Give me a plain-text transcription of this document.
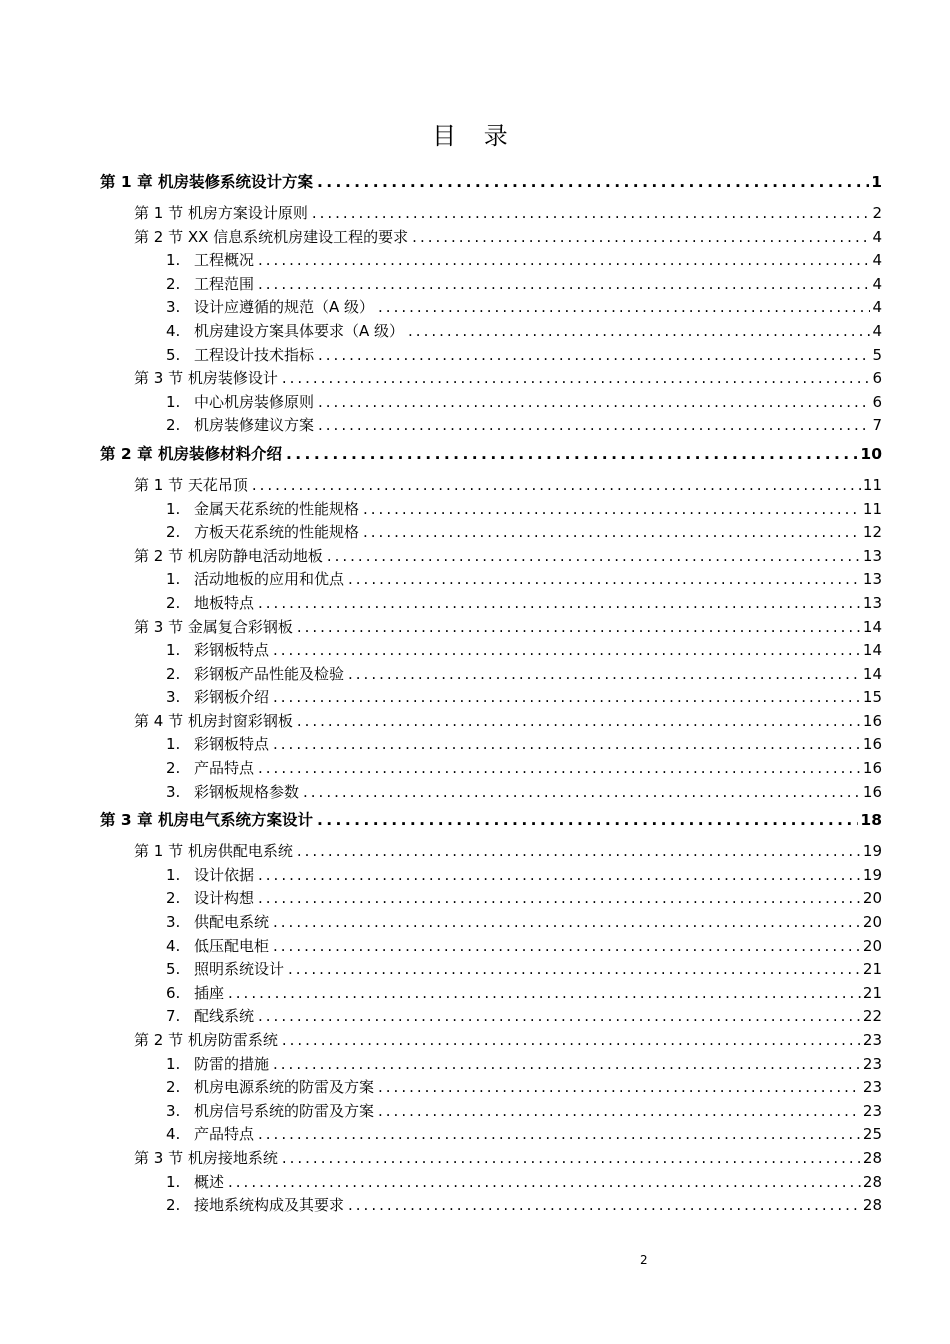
目 录
第 1 章 机房装修系统设计方案 .....	1
第 1 节 机房方案设计原则 .....	2
第 2 节 XX 信息系统机房建设工程的要求 .....	4
1. 工程概况 .....	4
2. 工程范围 .....	4
3. 设计应遵循的规范（A 级） .....	4
4. 机房建设方案具体要求（A 级） .....	4
5. 工程设计技术指标 .....	5
第 3 节 机房装修设计 .....	6
1. 中心机房装修原则 .....	6
2. 机房装修建议方案 .....	7
第 2 章 机房装修材料介绍 .....	10
第 1 节 天花吊顶 .....	11
1. 金属天花系统的性能规格 .....	11
2. 方板天花系统的性能规格 .....	12
第 2 节 机房防静电活动地板 .....	13
1. 活动地板的应用和优点 .....	13
2. 地板特点 .....	13
第 3 节 金属复合彩钢板 .....	14
1. 彩钢板特点 .....	14
2. 彩钢板产品性能及检验 .....	14
3. 彩钢板介绍 .....	15
第 4 节 机房封窗彩钢板 .....	16
1. 彩钢板特点 .....	16
2. 产品特点 .....	16
3. 彩钢板规格参数 .....	16
第 3 章 机房电气系统方案设计 .....	18
第 1 节 机房供配电系统 .....	19
1. 设计依据 .....	19
2. 设计构想 .....	20
3. 供配电系统 .....	20
4. 低压配电柜 .....	20
5. 照明系统设计 .....	21
6. 插座 .....	21
7. 配线系统 .....	22
第 2 节 机房防雷系统 .....	23
1. 防雷的措施 .....	23
2. 机房电源系统的防雷及方案 .....	23
3. 机房信号系统的防雷及方案 .....	23
4. 产品特点 .....	25
第 3 节 机房接地系统 .....	28
1. 概述 .....	28
2. 接地系统构成及其要求 .....	28
2
